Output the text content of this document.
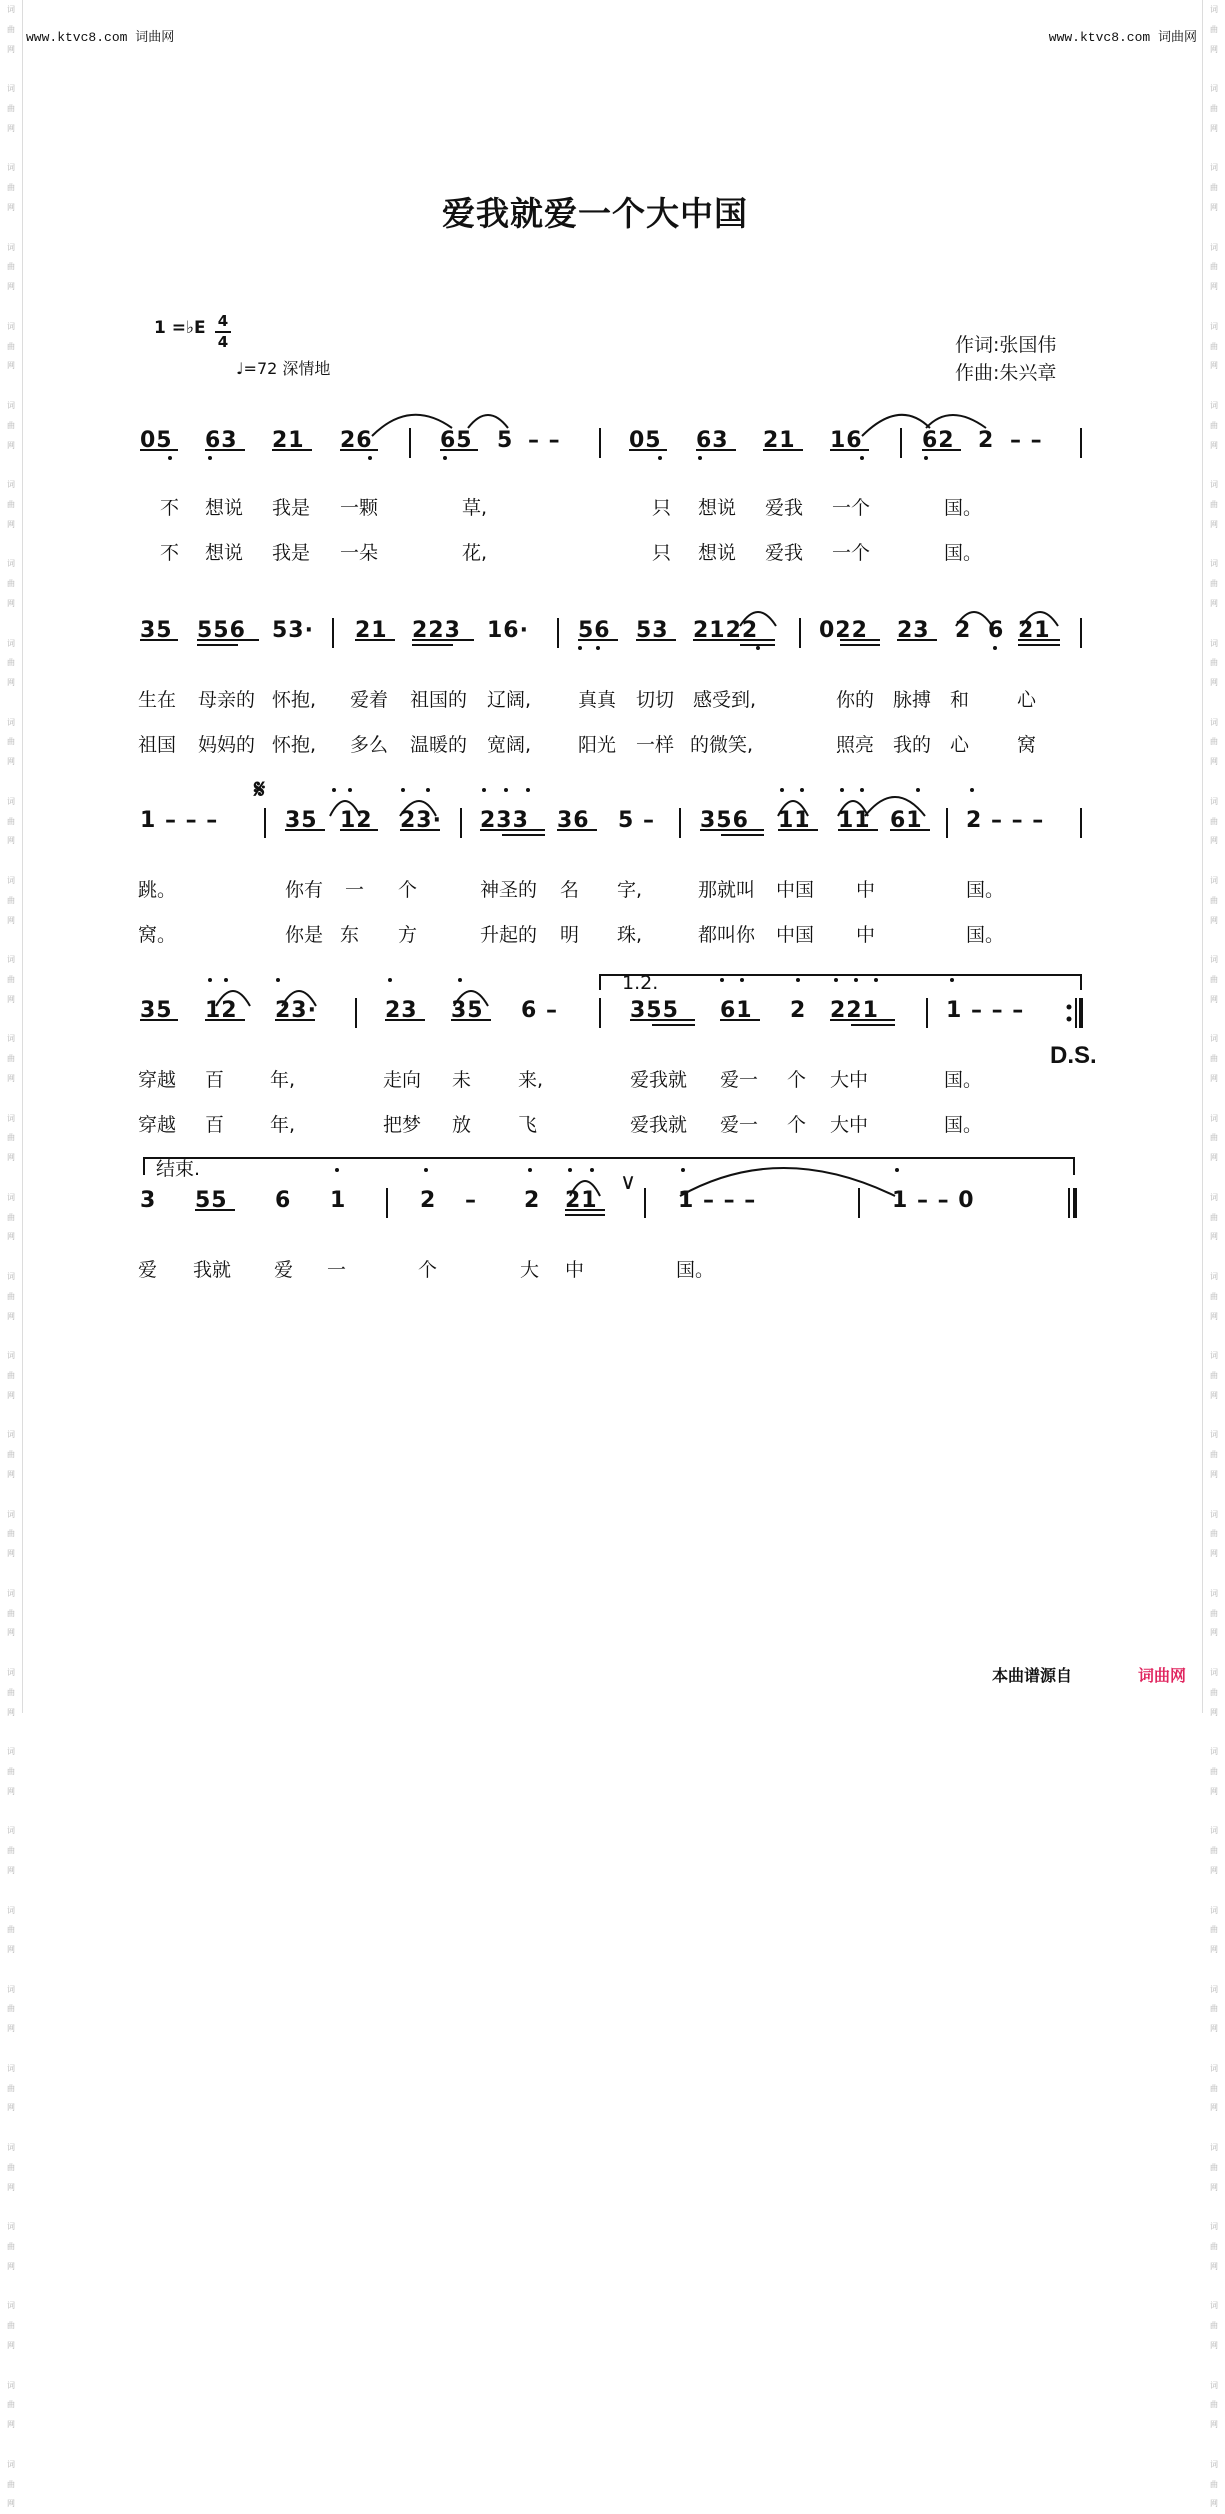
词
曲
网

词
曲
网

词
曲
网

词
曲
网

词
曲
网

词
曲
网

词
曲
网

词
曲
网

词
曲
网

词
曲
网

词
曲
网

词
曲
网

词
曲
网

词
曲
网

词
曲
网

词
曲
网

词
曲
网

词
曲
网

词
曲
网

词
曲
网

词
曲
网

词
曲
网

词
曲
网

词
曲
网

词
曲
网

词
曲
网

词
曲
网

词
曲
网

词
曲
网

词
曲
网

词
曲
网

词
曲
网
词
曲
网

词
曲
网

词
曲
网

词
曲
网

词
曲
网

词
曲
网

词
曲
网

词
曲
网

词
曲
网

词
曲
网

词
曲
网

词
曲
网

词
曲
网

词
曲
网

词
曲
网

词
曲
网

词
曲
网

词
曲
网

词
曲
网

词
曲
网

词
曲
网

词
曲
网

词
曲
网

词
曲
网

词
曲
网

词
曲
网

词
曲
网

词
曲
网

词
曲
网

词
曲
网

词
曲
网

词
曲
网
www.ktvc8.com 词曲网	www.ktvc8.com 词曲网
爱我就爱一个大中国
1 =♭E 4
4
♩=72 深情地
作词:张国伟
作曲:朱兴章
05 63 21 26	65 5 – –	05 63 21 16	62 2 – –
不 想说 我是 一颗	草,	只 想说 爱我 一个	国。
不 想说 我是 一朵	花,	只 想说 爱我 一个	国。
35 556 53· 21 223 16· 56 53 2122	022 23 2 6 21
生在 母亲的 怀抱, 爱着 祖国的 辽阔, 真真 切切 感受到,	你的 脉搏 和	心
祖国 妈妈的 怀抱, 多么 温暖的 宽阔, 阳光 一样 的微笑,	照亮 我的 心	窝
𝄋
1 – – –	35 12 23· 233 36 5 – 356 11 11 61 2 – – –
跳。	你有 一 个	神圣的 名 字,	那就叫 中国 中	国。
窝。	你是 东 方	升起的 明 珠,	都叫你 中国 中	国。
1.2.
35 12 23·	23 35 6 –	355 61 2 221	1 – – –
D.S.
穿越 百 年,	走向 未 来,	爱我就 爱一 个 大中	国。
穿越 百 年,	把梦 放 飞	爱我就 爱一 个 大中	国。
结束.
3 55 6 1	2 – 2 21	1 – – –	1 – – 0
∨
爱 我就 爱 一	个	大 中	国。
本曲谱源自	词曲网
